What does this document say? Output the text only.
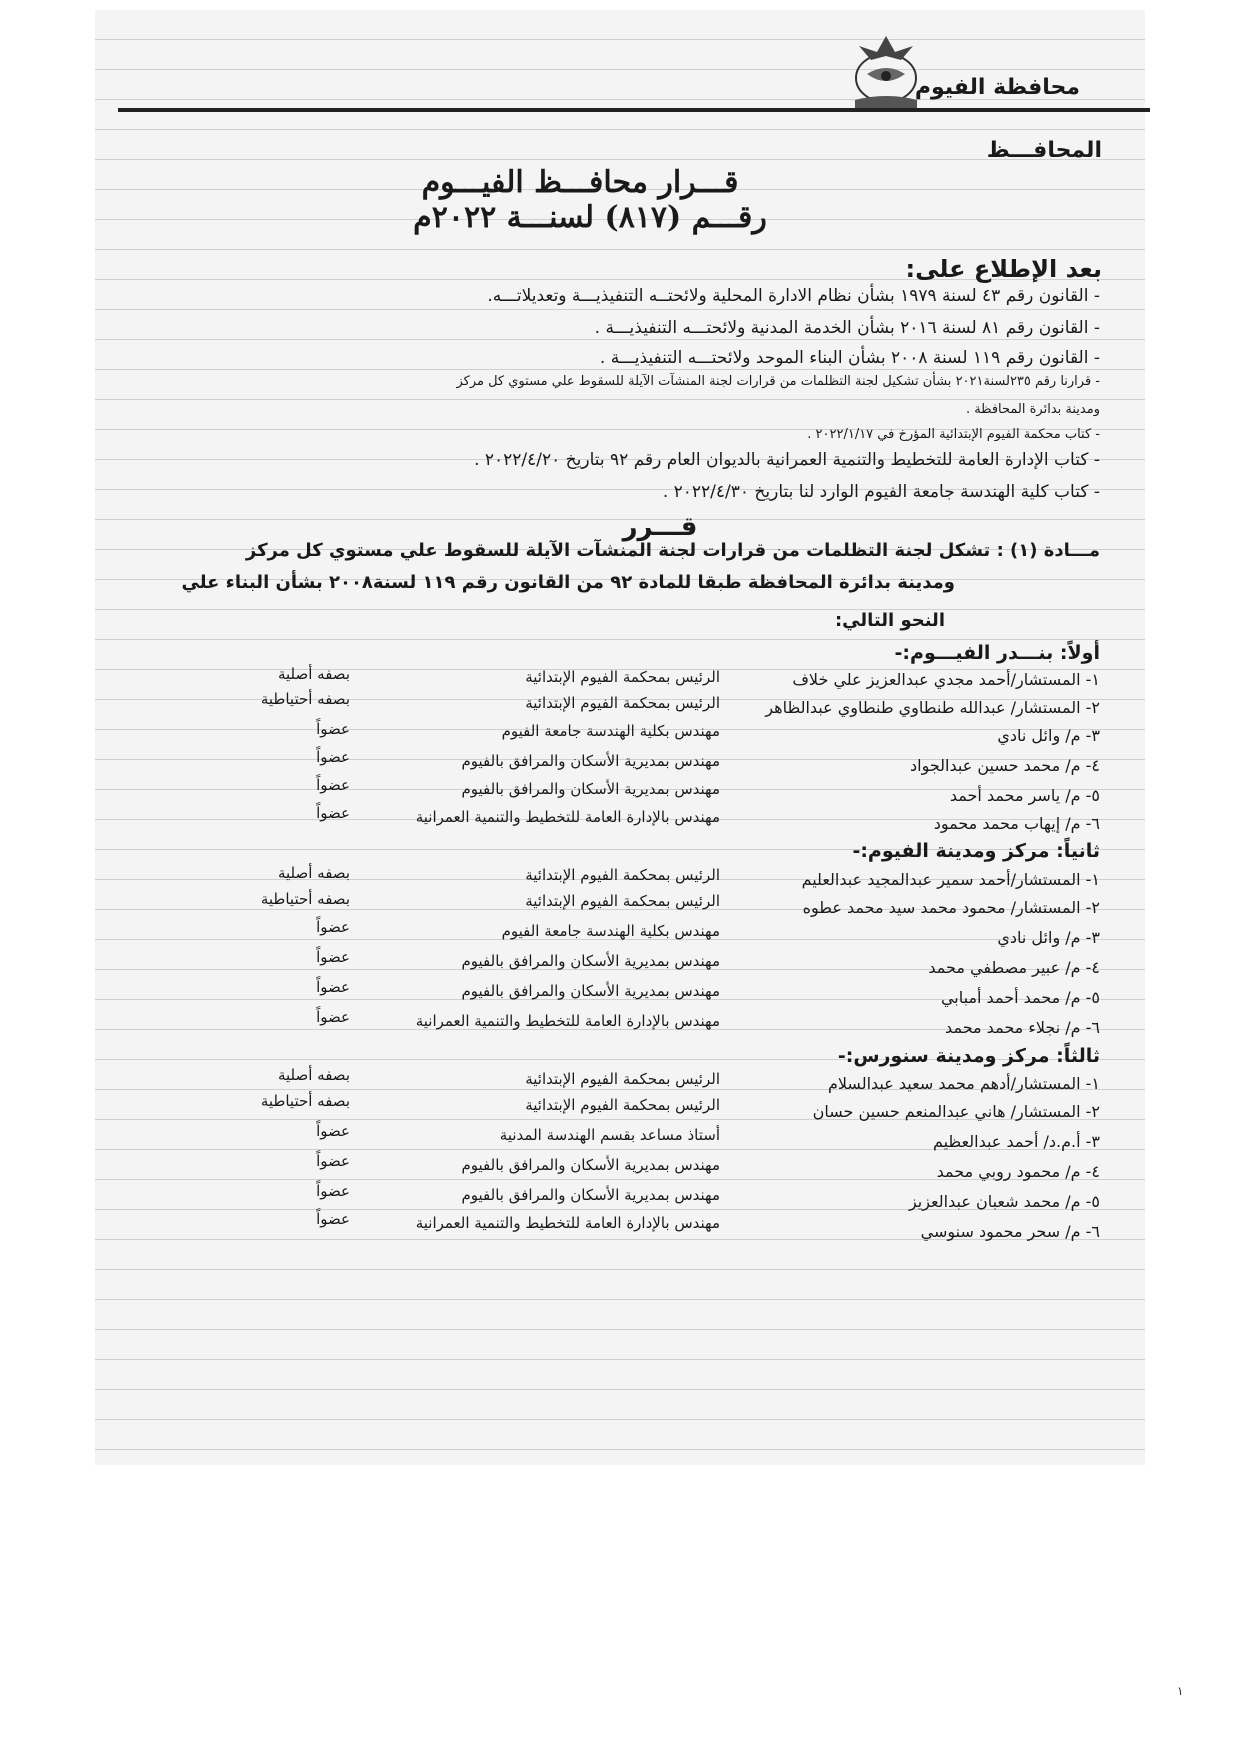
محافظة الفيوم
المحافـــظ
قـــرار محافـــظ الفيـــوم
رقـــم (٨١٧) لسنـــة ٢٠٢٢م
بعد الإطلاع على:
- القانون رقم ٤٣ لسنة ١٩٧٩ بشأن نظام الادارة المحلية ولائحتــه التنفيذيـــة وتعديلاتـــه.
- القانون رقم ٨١ لسنة ٢٠١٦ بشأن الخدمة المدنية ولائحتـــه التنفيذيـــة .
- القانون رقم ١١٩ لسنة ٢٠٠٨ بشأن البناء الموحد ولائحتـــه التنفيذيـــة .
- قرارنا رقم ٢٣٥لسنة٢٠٢١ بشأن تشكيل لجنة التظلمات من قرارات لجنة المنشآت الآيلة للسقوط علي مستوي كل مركز
ومدينة بدائرة المحافظة .
- كتاب محكمة الفيوم الإبتدائية المؤرخ في ٢٠٢٢/١/١٧ .
- كتاب الإدارة العامة للتخطيط والتنمية العمرانية بالديوان العام رقم ٩٢ بتاريخ ٢٠٢٢/٤/٢٠ .
- كتاب كلية الهندسة جامعة الفيوم الوارد لنا بتاريخ ٢٠٢٢/٤/٣٠ .
قـــرر
مـــادة (١) : تشكل لجنة التظلمات من قرارات لجنة المنشآت الآيلة للسقوط علي مستوي كل مركز
ومدينة بدائرة المحافظة طبقا للمادة ٩٢ من القانون رقم ١١٩ لسنة٢٠٠٨ بشأن البناء علي
النحو التالي:
أولاً: بنـــدر الفيـــوم:-
١- المستشار/أحمد مجدي عبدالعزيز علي خلاف
الرئيس بمحكمة الفيوم الإبتدائية
بصفه أصلية
٢- المستشار/ عبدالله طنطاوي طنطاوي عبدالظاهر
الرئيس بمحكمة الفيوم الإبتدائية
بصفه أحتياطية
٣- م/ وائل نادي
مهندس بكلية الهندسة جامعة الفيوم
عضواً
٤- م/ محمد حسين عبدالجواد
مهندس بمديرية الأسكان والمرافق بالفيوم
عضواً
٥- م/ ياسر محمد أحمد
مهندس بمديرية الأسكان والمرافق بالفيوم
عضواً
٦- م/ إيهاب محمد محمود
مهندس بالإدارة العامة للتخطيط والتنمية العمرانية
عضواً
ثانياً: مركز ومدينة الفيوم:-
١- المستشار/أحمد سمير عبدالمجيد عبدالعليم
الرئيس بمحكمة الفيوم الإبتدائية
بصفه أصلية
٢- المستشار/ محمود محمد سيد محمد عطوه
الرئيس بمحكمة الفيوم الإبتدائية
بصفه أحتياطية
٣- م/ وائل نادي
مهندس بكلية الهندسة جامعة الفيوم
عضواً
٤- م/ عبير مصطفي محمد
مهندس بمديرية الأسكان والمرافق بالفيوم
عضواً
٥- م/ محمد أحمد أمبابي
مهندس بمديرية الأسكان والمرافق بالفيوم
عضواً
٦- م/ نجلاء محمد محمد
مهندس بالإدارة العامة للتخطيط والتنمية العمرانية
عضواً
ثالثاً: مركز ومدينة سنورس:-
١- المستشار/أدهم محمد سعيد عبدالسلام
الرئيس بمحكمة الفيوم الإبتدائية
بصفه أصلية
٢- المستشار/ هاني عبدالمنعم حسين حسان
الرئيس بمحكمة الفيوم الإبتدائية
بصفه أحتياطية
٣- أ.م.د/ أحمد عبدالعظيم
أستاذ مساعد بقسم الهندسة المدنية
عضواً
٤- م/ محمود روبي محمد
مهندس بمديرية الأسكان والمرافق بالفيوم
عضواً
٥- م/ محمد شعبان عبدالعزيز
مهندس بمديرية الأسكان والمرافق بالفيوم
عضواً
٦- م/ سحر محمود سنوسي
مهندس بالإدارة العامة للتخطيط والتنمية العمرانية
عضواً
١
